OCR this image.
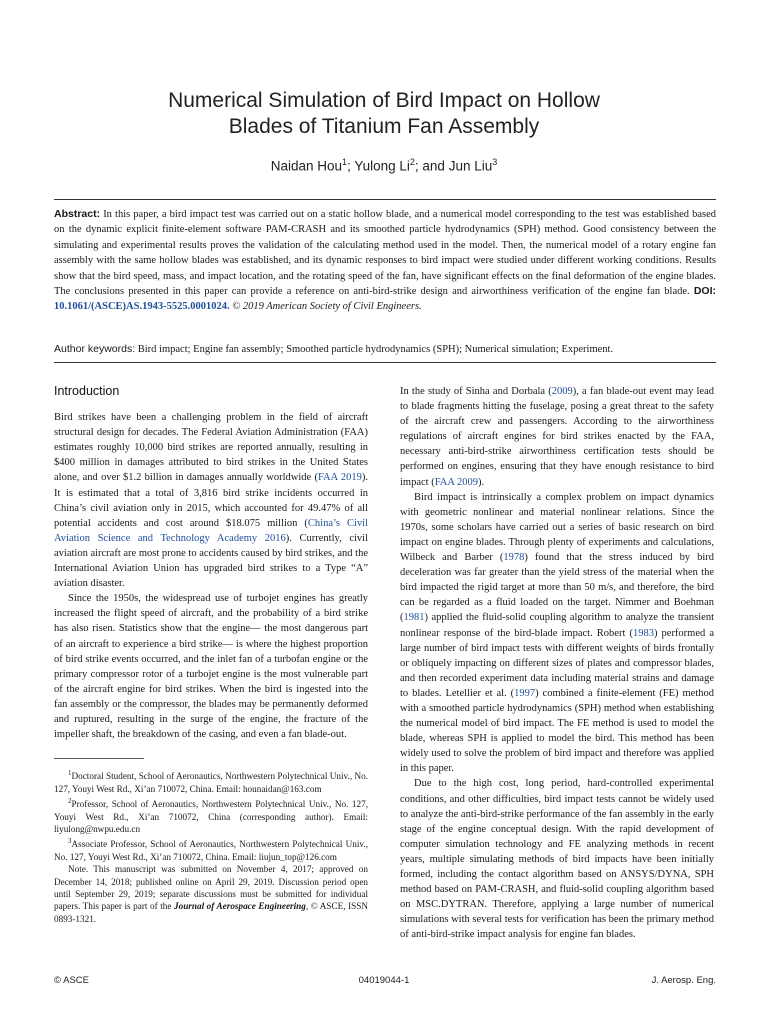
Numerical Simulation of Bird Impact on Hollow
Blades of Titanium Fan Assembly
Naidan Hou$^1$; Yulong Li$^2$; and Jun Liu$^3$

Abstract: In this paper, a bird impact test was carried out on a static hollow blade, and a numerical model corresponding to the test was established based on the dynamic explicit finite-element software PAM-CRASH and its smoothed particle hydrodynamics (SPH) method. Good consistency between the simulating and experimental results proves the validation of the calculating method used in the model. Then, the numerical model of a rotary engine fan assembly with the same hollow blades was established, and its dynamic responses to bird impact were studied under different working conditions. Results show that the bird speed, mass, and impact location, and the rotating speed of the fan, have significant effects on the final deformation of the engine blades. The conclusions presented in this paper can provide a reference on anti-bird-strike design and airworthiness verification of the engine fan blade. DOI: 10.1061/(ASCE)AS.1943-5525.0001024. © 2019 American Society of Civil Engineers.

Author keywords: Bird impact; Engine fan assembly; Smoothed particle hydrodynamics (SPH); Numerical simulation; Experiment.

Introduction

Bird strikes have been a challenging problem in the field of aircraft structural design for decades. The Federal Aviation Administration (FAA) estimates roughly 10,000 bird strikes are reported annually, resulting in $400 million in damages attributed to bird strikes in the United States alone, and over $1.2 billion in damages annually worldwide (FAA 2019). It is estimated that a total of 3,816 bird strike incidents occurred in China’s civil aviation only in 2015, which accounted for 49.47% of all potential accidents and cost around $18.075 million (China’s Civil Aviation Science and Technology Academy 2016). Currently, civil aviation aircraft are most prone to accidents caused by bird strikes, and the International Aviation Union has upgraded bird strikes to a Type “A” aviation disaster.

Since the 1950s, the widespread use of turbojet engines has greatly increased the flight speed of aircraft, and the probability of a bird strike has also risen. Statistics show that the engine— the most dangerous part of an aircraft to experience a bird strike— is where the highest proportion of bird strike events occurred, and the inlet fan of a turbofan engine or the primary compressor rotor of a turbojet engine is the most vulnerable part of the aircraft engine for bird strikes. When the bird is ingested into the fan assembly or the compressor, the blades may be permanently deformed and ruptured, resulting in the surge of the engine, the fracture of the impeller shaft, the breakdown of the casing, and even a fan blade-out.

$^1$Doctoral Student, School of Aeronautics, Northwestern Polytechnical Univ., No. 127, Youyi West Rd., Xi’an 710072, China. Email: hounaidan@163.com

$^2$Professor, School of Aeronautics, Northwestern Polytechnical Univ., No. 127, Youyi West Rd., Xi’an 710072, China (corresponding author). Email: liyulong@nwpu.edu.cn

$^3$Associate Professor, School of Aeronautics, Northwestern Polytechnical Univ., No. 127, Youyi West Rd., Xi’an 710072, China. Email: liujun_top@126.com

Note. This manuscript was submitted on November 4, 2017; approved on December 14, 2018; published online on April 29, 2019. Discussion period open until September 29, 2019; separate discussions must be submitted for individual papers. This paper is part of the Journal of Aerospace Engineering, © ASCE, ISSN 0893-1321.

In the study of Sinha and Dorbala (2009), a fan blade-out event may lead to blade fragments hitting the fuselage, posing a great threat to the safety of the aircraft crew and passengers. According to the airworthiness regulations of aircraft engines for bird strikes enacted by the FAA, necessary anti-bird-strike airworthiness certification tests should be performed on engines, ensuring that they have enough resistance to bird impact (FAA 2009).

Bird impact is intrinsically a complex problem on impact dynamics with geometric nonlinear and material nonlinear relations. Since the 1970s, some scholars have carried out a series of basic research on bird impact on engine blades. Through plenty of experiments and calculations, Wilbeck and Barber (1978) found that the stress induced by bird deceleration was far greater than the yield stress of the material when the bird impacted the rigid target at more than 50 m/s, and therefore, the bird can be regarded as a fluid loaded on the target. Nimmer and Boehman (1981) applied the fluid-solid coupling algorithm to analyze the transient nonlinear response of the bird-blade impact. Robert (1983) performed a large number of bird impact tests with different weights of birds frontally or obliquely impacting on different sizes of plates and compressor blades, and then recorded experiment data including material strains and damage to blades. Letellier et al. (1997) combined a finite-element (FE) method with a smoothed particle hydrodynamics (SPH) method when establishing the numerical model of bird impact. The FE method is used to model the blade, whereas SPH is applied to model the bird. This method has been widely used to solve the problem of bird impact and therefore was applied in this paper.

Due to the high cost, long period, hard-controlled experimental conditions, and other difficulties, bird impact tests cannot be widely used to analyze the anti-bird-strike performance of the fan assembly in the early stage of the engine conceptual design. With the rapid development of computer simulation technology and FE analyzing methods in recent years, multiple simulating methods of bird impacts have been initially formed, including the contact algorithm based on ANSYS/DYNA, SPH method based on PAM-CRASH, and fluid-solid coupling algorithm based on MSC.DYTRAN. Therefore, applying a large number of numerical simulations with several tests for verification has been the primary method of anti-bird-strike impact analysis for engine fan blades.

© ASCE	04019044-1	J. Aerosp. Eng.
